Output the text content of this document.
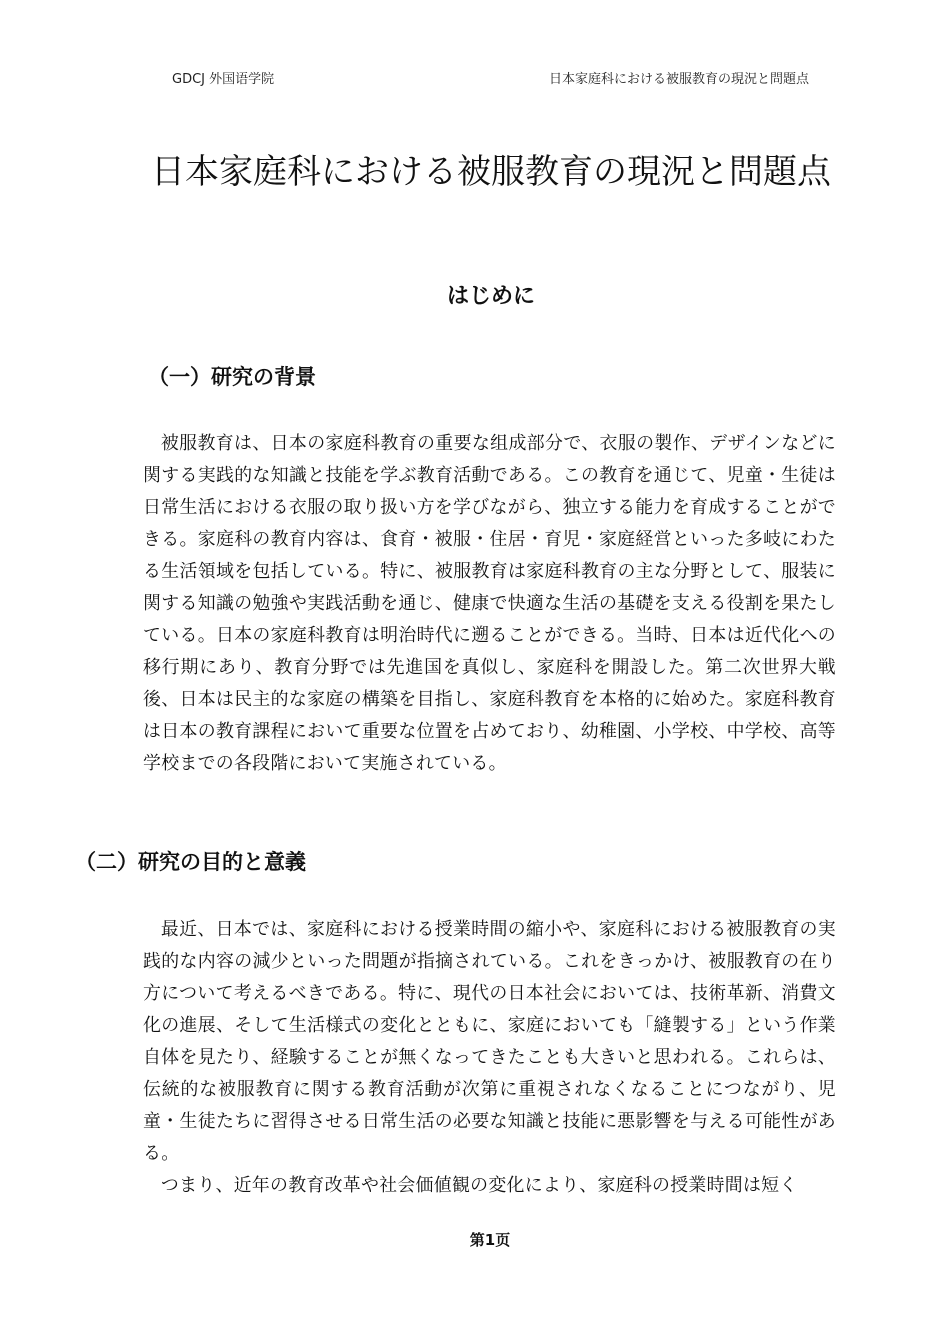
GDCJ 外国语学院	日本家庭科における被服教育の現況と問題点
日本家庭科における被服教育の現況と問題点
はじめに
（一）研究の背景

被服教育は、日本の家庭科教育の重要な组成部分で、衣服の製作、デザインなどに関する実践的な知識と技能を学ぶ教育活動である。この教育を通じて、児童・生徒は日常生活における衣服の取り扱い方を学びながら、独立する能力を育成することができる。家庭科の教育内容は、食育・被服・住居・育児・家庭経営といった多岐にわたる生活領域を包括している。特に、被服教育は家庭科教育の主な分野として、服装に関する知識の勉強や実践活動を通じ、健康で快適な生活の基礎を支える役割を果たしている。日本の家庭科教育は明治時代に遡ることができる。当時、日本は近代化への移行期にあり、教育分野では先進国を真似し、家庭科を開設した。第二次世界大戦後、日本は民主的な家庭の構築を目指し、家庭科教育を本格的に始めた。家庭科教育は日本の教育課程において重要な位置を占めており、幼稚園、小学校、中学校、高等学校までの各段階において実施されている。

（二）研究の目的と意義

最近、日本では、家庭科における授業時間の縮小や、家庭科における被服教育の実践的な内容の減少といった問題が指摘されている。これをきっかけ、被服教育の在り方について考えるべきである。特に、現代の日本社会においては、技術革新、消費文化の進展、そして生活様式の変化とともに、家庭においても「縫製する」という作業自体を見たり、経験することが無くなってきたことも大きいと思われる。これらは、伝統的な被服教育に関する教育活動が次第に重視されなくなることにつながり、児童・生徒たちに習得させる日常生活の必要な知識と技能に悪影響を与える可能性がある。

つまり、近年の教育改革や社会価値観の変化により、家庭科の授業時間は短く

第1页
